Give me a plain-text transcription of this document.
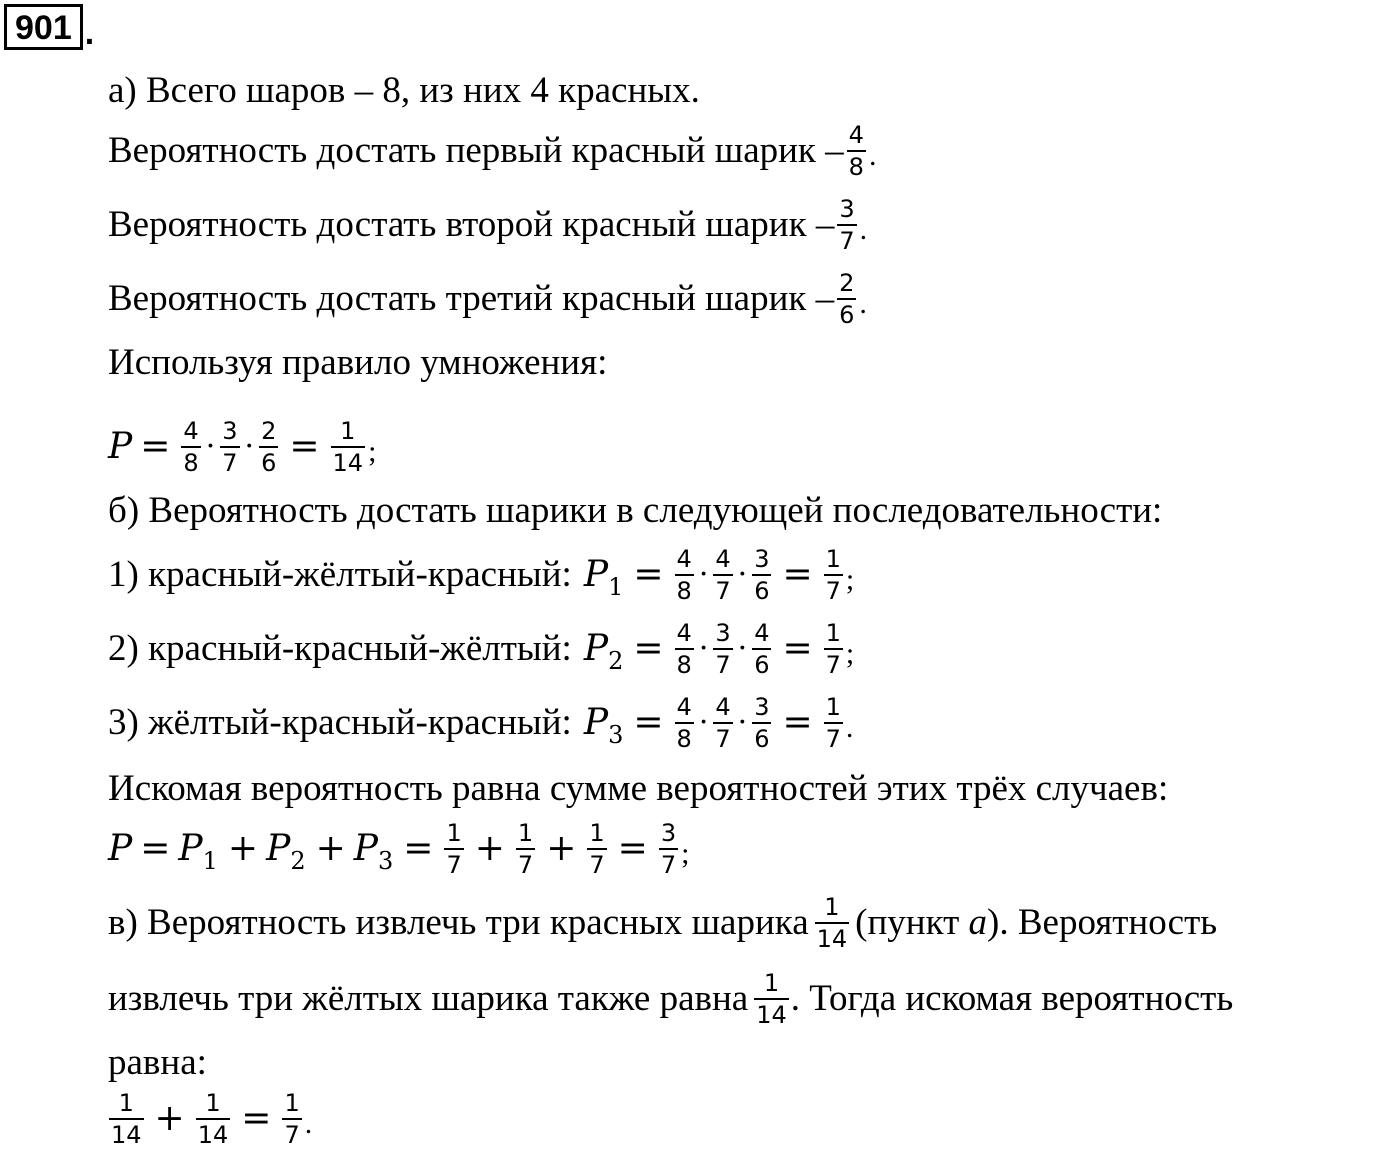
901 .
а) Всего шаров – 8, из них 4 красных.
Вероятность достать первый красный шарик – $\frac{4}{8}$ .
Вероятность достать второй красный шарик – $\frac{3}{7}$ .
Вероятность достать третий красный шарик – $\frac{2}{6}$ .
Используя правило умножения:
$P = \frac{4}{8} \cdot \frac{3}{7} \cdot \frac{2}{6} = \frac{1}{14}$ ;
б) Вероятность достать шарики в следующей последовательности:
1) красный-жёлтый-красный: P $1 = \frac{4}{8} \cdot \frac{4}{7} \cdot \frac{3}{6} = \frac{1}{7}$ ;
2) красный-красный-жёлтый: P $2 = \frac{4}{8} \cdot \frac{3}{7} \cdot \frac{4}{6} = \frac{1}{7}$ ;
3) жёлтый-красный-красный: P $3 = \frac{4}{8} \cdot \frac{4}{7} \cdot \frac{3}{6} = \frac{1}{7}$ .
Искомая вероятность равна сумме вероятностей этих трёх случаев:
P = P 1 + P 2 + P $3 = \frac{1}{7} + \frac{1}{7} + \frac{1}{7} = \frac{3}{7}$ ;
в) Вероятность извлечь три красных шарика $\frac{1}{14}$ (пункт
а ). Вероятность
извлечь три жёлтых шарика также равна $\frac{1}{14}$ . Тогда искомая вероятность
равна:
$\frac{1}{14} + \frac{1}{14} = \frac{1}{7}$ .
